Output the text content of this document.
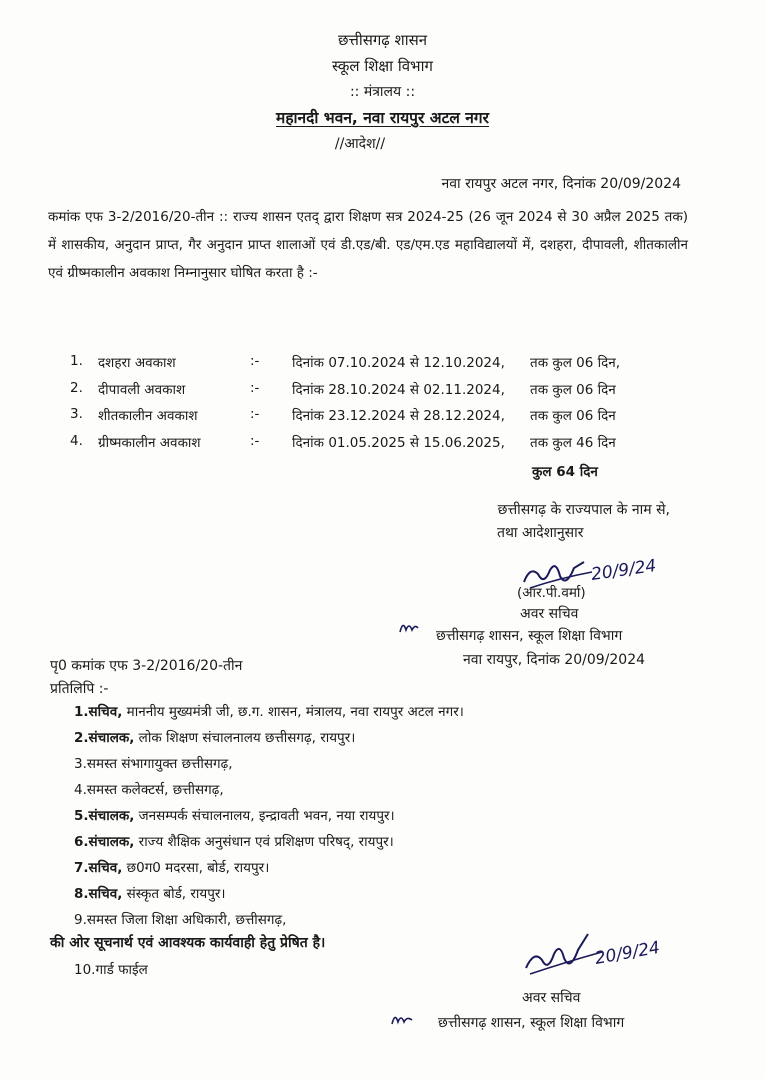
छत्तीसगढ़ शासन
स्कूल शिक्षा विभाग
:: मंत्रालय ::
महानदी भवन, नवा रायपुर अटल नगर
//आदेश//
नवा रायपुर अटल नगर, दिनांक 20/09/2024
कमांक एफ 3-2/2016/20-तीन :: राज्य शासन एतद् द्वारा शिक्षण सत्र 2024-25 (26 जून 2024 से 30 अप्रैल 2025 तक) में शासकीय, अनुदान प्राप्त, गैर अनुदान प्राप्त शालाओं एवं डी.एड/बी. एड/एम.एड महाविद्यालयों में, दशहरा, दीपावली, शीतकालीन एवं ग्रीष्मकालीन अवकाश निम्नानुसार घोषित करता है :-
1. दशहरा अवकाश	:- दिनांक 07.10.2024 से 12.10.2024, तक कुल 06 दिन,
2. दीपावली अवकाश	:- दिनांक 28.10.2024 से 02.11.2024, तक कुल 06 दिन
3. शीतकालीन अवकाश	:- दिनांक 23.12.2024 से 28.12.2024, तक कुल 06 दिन
4. ग्रीष्मकालीन अवकाश	:- दिनांक 01.05.2025 से 15.06.2025, तक कुल 46 दिन
कुल 64 दिन
छत्तीसगढ़ के राज्यपाल के नाम से,
तथा आदेशानुसार
(आर.पी.वर्मा)
20/9/24
अवर सचिव
छत्तीसगढ़ शासन, स्कूल शिक्षा विभाग
नवा रायपुर, दिनांक 20/09/2024
पृ0 कमांक एफ 3-2/2016/20-तीन
प्रतिलिपि :-
1.सचिव, माननीय मुख्यमंत्री जी, छ.ग. शासन, मंत्रालय, नवा रायपुर अटल नगर।
2.संचालक, लोक शिक्षण संचालनालय छत्तीसगढ़, रायपुर।
3.समस्त संभागायुक्त छत्तीसगढ़,
4.समस्त कलेक्टर्स, छत्तीसगढ़,
5.संचालक, जनसम्पर्क संचालनालय, इन्द्रावती भवन, नया रायपुर।
6.संचालक, राज्य शैक्षिक अनुसंधान एवं प्रशिक्षण परिषद्, रायपुर।
7.सचिव, छ0ग0 मदरसा, बोर्ड, रायपुर।
8.सचिव, संस्कृत बोर्ड, रायपुर।
9.समस्त जिला शिक्षा अधिकारी, छत्तीसगढ़,
की ओर सूचनार्थ एवं आवश्यक कार्यवाही हेतु प्रेषित है।
10.गार्ड फाईल
20/9/24
अवर सचिव
छत्तीसगढ़ शासन, स्कूल शिक्षा विभाग
